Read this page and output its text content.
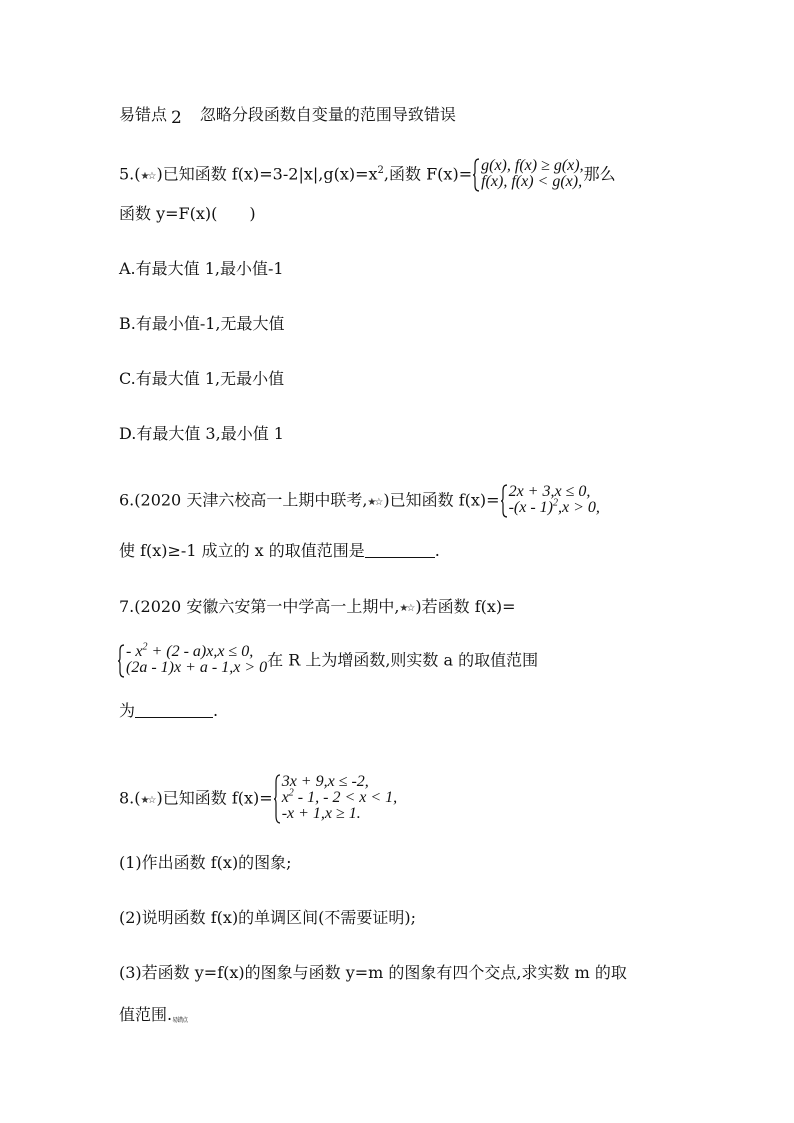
易错点 2 忽略分段函数自变量的范围导致错误
5.(★☆ )已知函数 $f(x)=3-2|x|,g(x)=x^2$,函数 F(x)= g(x), f(x) ≥ g(x),
f(x), f(x) < g(x), 那么
函数 y=F(x)(　　)
A.有最大值 1,最小值-1
B.有最小值-1,无最大值
C.有最大值 1,无最小值
D.有最大值 3,最小值 1
6.(2020 天津六校高一上期中联考,★☆ )已知函数 f(x)= 2x + 3,x ≤ 0,
-(x - 1)$^2$,x > 0,
使 f(x)≥-1 成立的 x 的取值范围是	.
7.(2020 安徽六安第一中学高一上期中,★☆ )若函数 f(x)=
- $x^2 + (2 - a)x,x \le 0$,
(2a - 1)x + a - 1,x > 0 在 R 上为增函数,则实数 a 的取值范围
为	.
8.(★☆ )已知函数 f(x)=
3x + 9,x ≤ -2,
$x^2 - 1$, - 2 < x < 1,
-x + 1,x ≥ 1.
(1)作出函数 f(x)的图象;
(2)说明函数 f(x)的单调区间(不需要证明);
(3)若函数 y=f(x)的图象与函数 y=m 的图象有四个交点,求实数 m 的取
值范围.易错点
